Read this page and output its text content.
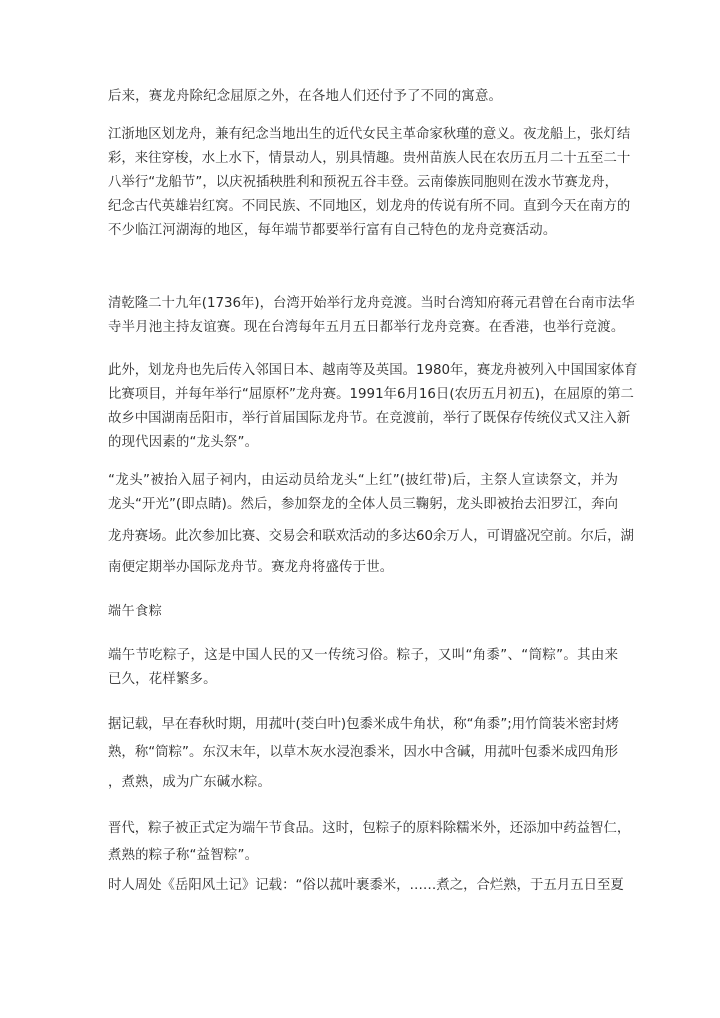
后来，赛龙舟除纪念屈原之外，在各地人们还付予了不同的寓意。
江浙地区划龙舟，兼有纪念当地出生的近代女民主革命家秋瑾的意义。夜龙船上，张灯结
彩，来往穿梭，水上水下，情景动人，别具情趣。贵州苗族人民在农历五月二十五至二十
八举行“龙船节”，以庆祝插秧胜利和预祝五谷丰登。云南傣族同胞则在泼水节赛龙舟，
纪念古代英雄岩红窝。不同民族、不同地区，划龙舟的传说有所不同。直到今天在南方的
不少临江河湖海的地区，每年端节都要举行富有自己特色的龙舟竞赛活动。
清乾隆二十九年(1736年)，台湾开始举行龙舟竞渡。当时台湾知府蒋元君曾在台南市法华
寺半月池主持友谊赛。现在台湾每年五月五日都举行龙舟竞赛。在香港，也举行竞渡。
此外，划龙舟也先后传入邻国日本、越南等及英国。1980年，赛龙舟被列入中国国家体育
比赛项目，并每年举行“屈原杯”龙舟赛。1991年6月16日(农历五月初五)，在屈原的第二
故乡中国湖南岳阳市，举行首届国际龙舟节。在竞渡前，举行了既保存传统仪式又注入新
的现代因素的“龙头祭”。
“龙头”被抬入屈子祠内，由运动员给龙头“上红”(披红带)后，主祭人宣读祭文，并为
龙头“开光”(即点睛)。然后，参加祭龙的全体人员三鞠躬，龙头即被抬去汨罗江，奔向
龙舟赛场。此次参加比赛、交易会和联欢活动的多达60余万人，可谓盛况空前。尔后，湖
南便定期举办国际龙舟节。赛龙舟将盛传于世。
端午食粽
端午节吃粽子，这是中国人民的又一传统习俗。粽子，又叫“角黍”、“筒粽”。其由来
已久，花样繁多。
据记载，早在春秋时期，用菰叶(茭白叶)包黍米成牛角状，称“角黍”;用竹筒装米密封烤
熟，称“筒粽”。东汉末年，以草木灰水浸泡黍米，因水中含碱，用菰叶包黍米成四角形
，煮熟，成为广东碱水粽。
晋代，粽子被正式定为端午节食品。这时，包粽子的原料除糯米外，还添加中药益智仁，
煮熟的粽子称“益智粽”。
时人周处《岳阳风土记》记载：“俗以菰叶裹黍米，……煮之，合烂熟，于五月五日至夏
